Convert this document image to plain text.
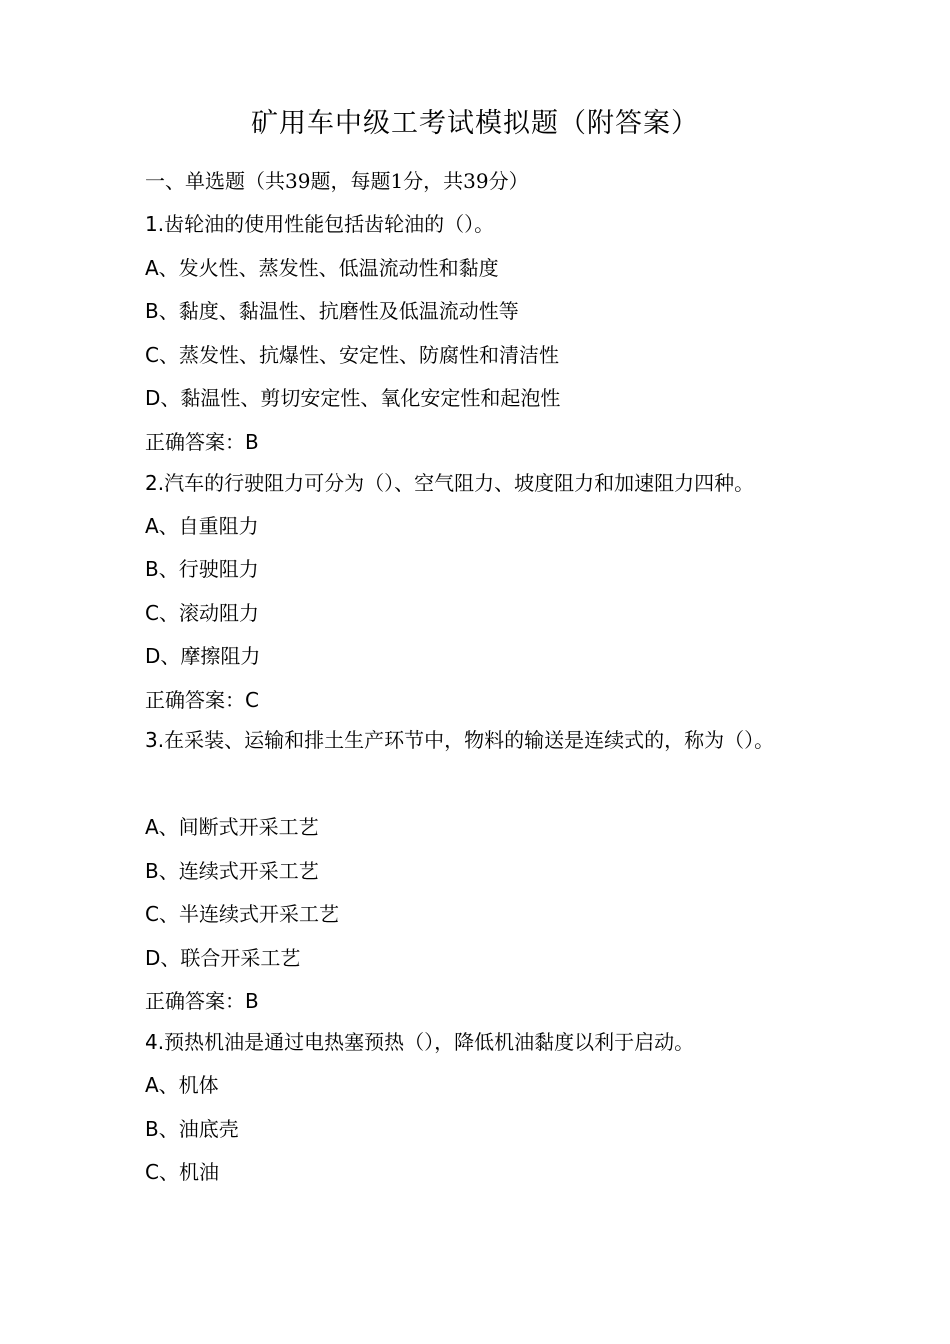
矿用车中级工考试模拟题（附答案）
一、单选题（共39题，每题1分，共39分）
1.齿轮油的使用性能包括齿轮油的（）。
A、发火性、蒸发性、低温流动性和黏度
B、黏度、黏温性、抗磨性及低温流动性等
C、蒸发性、抗爆性、安定性、防腐性和清洁性
D、黏温性、剪切安定性、氧化安定性和起泡性
正确答案：B
2.汽车的行驶阻力可分为（）、空气阻力、坡度阻力和加速阻力四种。
A、自重阻力
B、行驶阻力
C、滚动阻力
D、摩擦阻力
正确答案：C
3.在采装、运输和排土生产环节中，物料的输送是连续式的，称为（）。
A、间断式开采工艺
B、连续式开采工艺
C、半连续式开采工艺
D、联合开采工艺
正确答案：B
4.预热机油是通过电热塞预热（），降低机油黏度以利于启动。
A、机体
B、油底壳
C、机油
